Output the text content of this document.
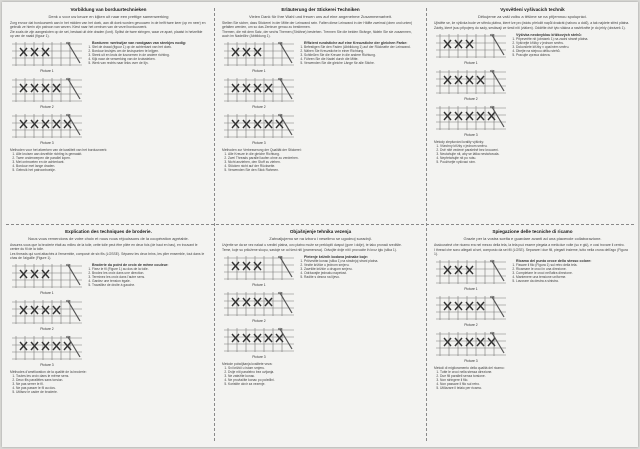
Vorbildung van borduurtechnieken
Denk u voor uw keuze en kijken uit naar een prettige samenwerking
Zorg ervoor dat borduurwerk aan in het midden van het doek, aan dit doek worden gevouwen in de helft twee keer (op en neer) en gebruik ze hierin zijn patroon van wezen. Kiest naar het centrum van de vezel borduurwerk.
Zie zoals de zijn aangesloten op de set, bestaat uit drie draden (lont). Splitst de twee stringen, waar ze apart, plaatst in hetzelfde op van de naald (figuur 1).
Picture 1
Picture 2
Picture 3
Borduren: werkwijze van rondgaan van steekjes nodig:
1. Stel de draad (figuur 1) op de achterkant van het doek.
2. Borduur kruisjes om de kruispunten te krijgen.
3. Steek uit en kruis de lusvormen in de andere richting.
4. Kijk naar de verwerking van de kruissteken.
5. Werk van rechts naar links over de lijn.
Methoden voor het afwerken van de kwaliteit van het borduurwerk:
1. Alle kruisen aan dezelfde richting is gemaakt.
2. Twee onderwerpen die parallel lopen.
3. Met ontmoeten en de achterkant.
4. Borduur met lange draden.
5. Gebruik het patroonboekje.
Erläuterung der Stickerei Techniken
Vielen Dank für Ihre Wahl und freuen uns auf eine angenehme Zusammenarbeit.
Stellen Sie sicher, dass Stickerei in der Mitte der Leinwand sein. Falten diese Leinwand in der Hälfte zweimal (oben und unten) gefalten werden, um so das Zentrum genau zu bestimmen.
Themen, die mit dem Satz, der sechs Themen (Strähne) bestehen. Trennen Sie die beiden Stränge, fädeln Sie sie zusammen, auch im Nadelöhr (Abbildung 1).
Picture 1
Picture 2
Picture 3
Effizient rundstiche auf eine Kreuzstiche der gleichen Farbe:
1. Befestigen Sie den Faden (Abbildung 1) auf der Rückseite der Leinwand.
2. Nähen Sie Kreuzstiche in einer Richtung.
3. Schließen Sie die Kreuze in die andere Richtung.
4. Führen Sie die Nadel durch die Mitte.
5. Verwenden Sie die gleiche Länge für alle Stiche.
Methoden zur Verbesserung der Qualität der Stickerei:
1. Alle Kreuze in die gleiche Richtung.
2. Zwei Threads parallel laufen ohne zu verdrehen.
3. Nicht anziehen, den Stoff zu ziehen.
4. Stöcken nicht auf der Rückseite.
5. Verwenden Sie den Stick Rahmen.
Vysvětlení vyšívacích technik
Děkujeme za vaši volbu a těšíme se na příjemnou spolupráci.
Ujistěte se, že výšivka bude ve středu plátna, které lze pro jistotu přeložit napůl dvakrát (nahoru a dolů), a tak najdete střed plátna.
Závity, které jsou připojeny do sady, sestávají ze šesti nití (vláken). Oddělte dvě tyto vlákna a navlékněte je do jehly (obrázek 1).
Picture 1
Picture 2
Picture 3
Výšivka neobvyklou křížkových stehů:
1. Připevněte nit (obrázek 1) na zadní straně plátna.
2. Vyšívejte křížky v jednom směru.
3. Dokončete křížky v opačném směru.
4. Dbejte na stejnou délku stehů.
5. Pracujte zprava doleva.
Metody zlepšování kvality výšivky:
1. Všechny křížky v jednom směru.
2. Dvě nitě vedené paralelně bez kroucení.
3. Neutahujte nit, aby se látka nestahovala.
4. Nepřetahujte nit po rubu.
5. Používejte vyšívací rám.
Explication des techniques de broderie.
Nous vous remercions de votre choix et nous nous réjouissons de la coopération agréable.
Assurez-vous que la broderie était au milieu de la toile, cette toile peut être pliée en deux fois (de haut en bas), en trouvant le centre du fil de la toile.
Les threads qui sont attachés à l'ensemble, composé de six fils (LOSSE). Séparez les deux brins, les plier ensemble, tout dans le chas de l'aiguille (Figure 1).
Picture 1
Picture 2
Picture 3
Broderie du point de croix de même couleur:
1. Fixez le fil (Figure 1) au dos de la toile.
2. Brodez les croix dans une direction.
3. Terminez les croix dans l'autre sens.
4. Gardez une tension égale.
5. Travaillez de droite à gauche.
Méthodes d'amélioration de la qualité de la broderie:
1. Toutes les croix dans le même sens.
2. Deux fils parallèles sans torsion.
3. Ne pas serrer le fil.
4. Ne pas passer le fil au dos.
5. Utilisez le cadre de broderie.
Objašnjenje tehnika vezenja
Zahvaljujemo se na izboru i veselimo se ugodnoj suradnji.
Uvjerite se da se vez nalazi u sredini platna, ovo platno može se preklopiti dvaput (gore i dolje), te tako pronaći središte.
Teme, koje su priložene skupu, sastoje se od šest niti (pramenova). Odvojite dvije niti i provucite ih kroz iglu (slika 1).
Picture 1
Picture 2
Picture 3
Pletenje križnih bodova jednake boje:
1. Pričvrstite konac (slika 1) na stražnjoj strani platna.
2. Vezite križiće u jednom smjeru.
3. Završite križiće u drugom smjeru.
4. Održavajte jednaku napetost.
5. Radite s desna na lijevo.
Metode poboljšanja kvalitete veza:
1. Svi križići u istom smjeru.
2. Dvije niti paralelno bez uvijanja.
3. Ne zatežite konac.
4. Ne provlačite konac po poleđini.
5. Koristite okvir za vezenje.
Spiegazione delle tecniche di ricamo
Grazie per la vostra scelta e guardare avanti ad una piacevole collaborazione.
Assicuratevi che ricamo era nel mezzo della tela, la tela può essere piegata a metà due volte (su e giù), e così trovare il centro.
I thread che sono allegati al set, composto da sei fili (LOSE). Separare i due fili, piegarli insieme, tutto nella cruna dell'ago (Figura 1).
Picture 1
Picture 2
Picture 3
Ricamo del punto croce dello stesso colore:
1. Fissare il filo (Figura 1) sul retro della tela.
2. Ricamare le croci in una direzione.
3. Completare le croci nell'altra direzione.
4. Mantenere una tensione uniforme.
5. Lavorare da destra a sinistra.
Metodi di miglioramento della qualità del ricamo:
1. Tutte le croci nella stessa direzione.
2. Due fili paralleli senza torsione.
3. Non stringere il filo.
4. Non passare il filo sul retro.
5. Utilizzare il telaio per ricamo.
